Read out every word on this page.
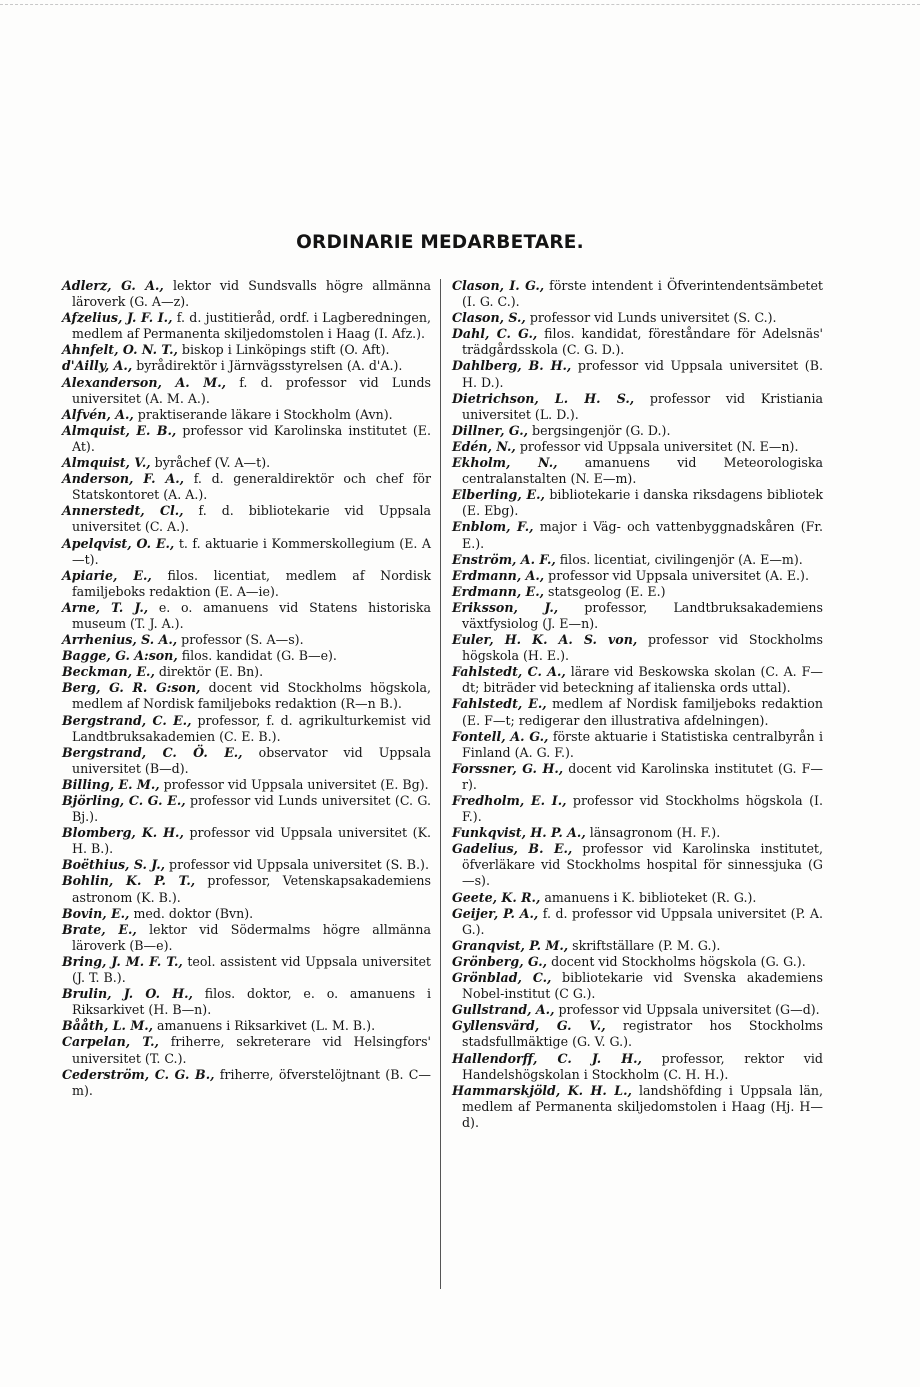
ORDINARIE MEDARBETARE.
Adlerz, G. A., lektor vid Sundsvalls högre allmänna läroverk (G. A—z).
Afzelius, J. F. I., f. d. justitieråd, ordf. i Lagberedningen, medlem af Permanenta skiljedomstolen i Haag (I. Afz.).
Ahnfelt, O. N. T., biskop i Linköpings stift (O. Aft).
d'Ailly, A., byrådirektör i Järnvägsstyrelsen (A. d'A.).
Alexanderson, A. M., f. d. professor vid Lunds universitet (A. M. A.).
Alfvén, A., praktiserande läkare i Stockholm (Avn).
Almquist, E. B., professor vid Karolinska institutet (E. At).
Almquist, V., byråchef (V. A—t).
Anderson, F. A., f. d. generaldirektör och chef för Statskontoret (A. A.).
Annerstedt, Cl., f. d. bibliotekarie vid Uppsala universitet (C. A.).
Apelqvist, O. E., t. f. aktuarie i Kommerskollegium (E. A—t).
Apiarie, E., filos. licentiat, medlem af Nordisk familjeboks redaktion (E. A—ie).
Arne, T. J., e. o. amanuens vid Statens historiska museum (T. J. A.).
Arrhenius, S. A., professor (S. A—s).
Bagge, G. A:son, filos. kandidat (G. B—e).
Beckman, E., direktör (E. Bn).
Berg, G. R. G:son, docent vid Stockholms högskola, medlem af Nordisk familjeboks redaktion (R—n B.).
Bergstrand, C. E., professor, f. d. agrikulturkemist vid Landtbruksakademien (C. E. B.).
Bergstrand, C. Ö. E., observator vid Uppsala universitet (B—d).
Billing, E. M., professor vid Uppsala universitet (E. Bg).
Björling, C. G. E., professor vid Lunds universitet (C. G. Bj.).
Blomberg, K. H., professor vid Uppsala universitet (K. H. B.).
Boëthius, S. J., professor vid Uppsala universitet (S. B.).
Bohlin, K. P. T., professor, Vetenskapsakademiens astronom (K. B.).
Bovin, E., med. doktor (Bvn).
Brate, E., lektor vid Södermalms högre allmänna läroverk (B—e).
Bring, J. M. F. T., teol. assistent vid Uppsala universitet (J. T. B.).
Brulin, J. O. H., filos. doktor, e. o. amanuens i Riksarkivet (H. B—n).
Bååth, L. M., amanuens i Riksarkivet (L. M. B.).
Carpelan, T., friherre, sekreterare vid Helsingfors' universitet (T. C.).
Cederström, C. G. B., friherre, öfverstelöjtnant (B. C—m).
Clason, I. G., förste intendent i Öfverintendentsämbetet (I. G. C.).
Clason, S., professor vid Lunds universitet (S. C.).
Dahl, C. G., filos. kandidat, föreståndare för Adelsnäs' trädgårdsskola (C. G. D.).
Dahlberg, B. H., professor vid Uppsala universitet (B. H. D.).
Dietrichson, L. H. S., professor vid Kristiania universitet (L. D.).
Dillner, G., bergsingenjör (G. D.).
Edén, N., professor vid Uppsala universitet (N. E—n).
Ekholm, N., amanuens vid Meteorologiska centralanstalten (N. E—m).
Elberling, E., bibliotekarie i danska riksdagens bibliotek (E. Ebg).
Enblom, F., major i Väg- och vattenbyggnadskåren (Fr. E.).
Enström, A. F., filos. licentiat, civilingenjör (A. E—m).
Erdmann, A., professor vid Uppsala universitet (A. E.).
Erdmann, E., statsgeolog (E. E.)
Eriksson, J., professor, Landtbruksakademiens växtfysiolog (J. E—n).
Euler, H. K. A. S. von, professor vid Stockholms högskola (H. E.).
Fahlstedt, C. A., lärare vid Beskowska skolan (C. A. F—dt; biträder vid beteckning af italienska ords uttal).
Fahlstedt, E., medlem af Nordisk familjeboks redaktion (E. F—t; redigerar den illustrativa afdelningen).
Fontell, A. G., förste aktuarie i Statistiska centralbyrån i Finland (A. G. F.).
Forssner, G. H., docent vid Karolinska institutet (G. F—r).
Fredholm, E. I., professor vid Stockholms högskola (I. F.).
Funkqvist, H. P. A., länsagronom (H. F.).
Gadelius, B. E., professor vid Karolinska institutet, öfverläkare vid Stockholms hospital för sinnessjuka (G—s).
Geete, K. R., amanuens i K. biblioteket (R. G.).
Geijer, P. A., f. d. professor vid Uppsala universitet (P. A. G.).
Granqvist, P. M., skriftställare (P. M. G.).
Grönberg, G., docent vid Stockholms högskola (G. G.).
Grönblad, C., bibliotekarie vid Svenska akademiens Nobel-institut (C G.).
Gullstrand, A., professor vid Uppsala universitet (G—d).
Gyllensvärd, G. V., registrator hos Stockholms stadsfullmäktige (G. V. G.).
Hallendorff, C. J. H., professor, rektor vid Handelshögskolan i Stockholm (C. H. H.).
Hammarskjöld, K. H. L., landshöfding i Uppsala län, medlem af Permanenta skiljedomstolen i Haag (Hj. H—d).
